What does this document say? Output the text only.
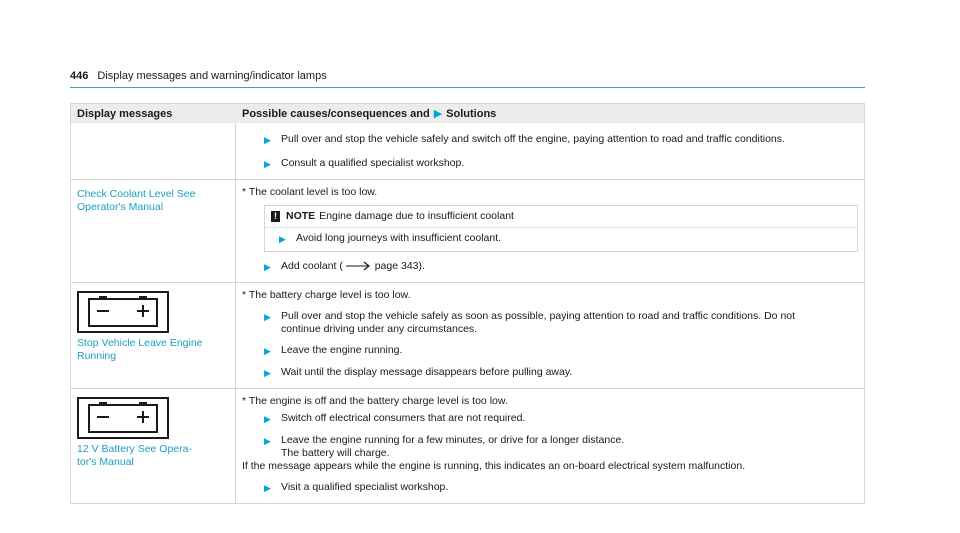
446 Display messages and warning/indicator lamps
Display messages	Possible causes/consequences and ▶ Solutions
▶ Pull over and stop the vehicle safely and switch off the engine, paying attention to road and traffic conditions.
▶ Consult a qualified specialist workshop.
Check Coolant Level See
Operator's Manual
* The coolant level is too low.
! NOTE Engine damage due to insufficient coolant
▶ Avoid long journeys with insufficient coolant.
▶ Add coolant (	page 343).
Stop Vehicle Leave Engine
Running
* The battery charge level is too low.
▶ Pull over and stop the vehicle safely as soon as possible, paying attention to road and traffic conditions. Do not
continue driving under any circumstances.
▶ Leave the engine running.
▶ Wait until the display message disappears before pulling away.
12 V Battery See Opera-
tor's Manual
* The engine is off and the battery charge level is too low.
▶ Switch off electrical consumers that are not required.
▶ Leave the engine running for a few minutes, or drive for a longer distance.
The battery will charge.
If the message appears while the engine is running, this indicates an on-board electrical system malfunction.
▶ Visit a qualified specialist workshop.
